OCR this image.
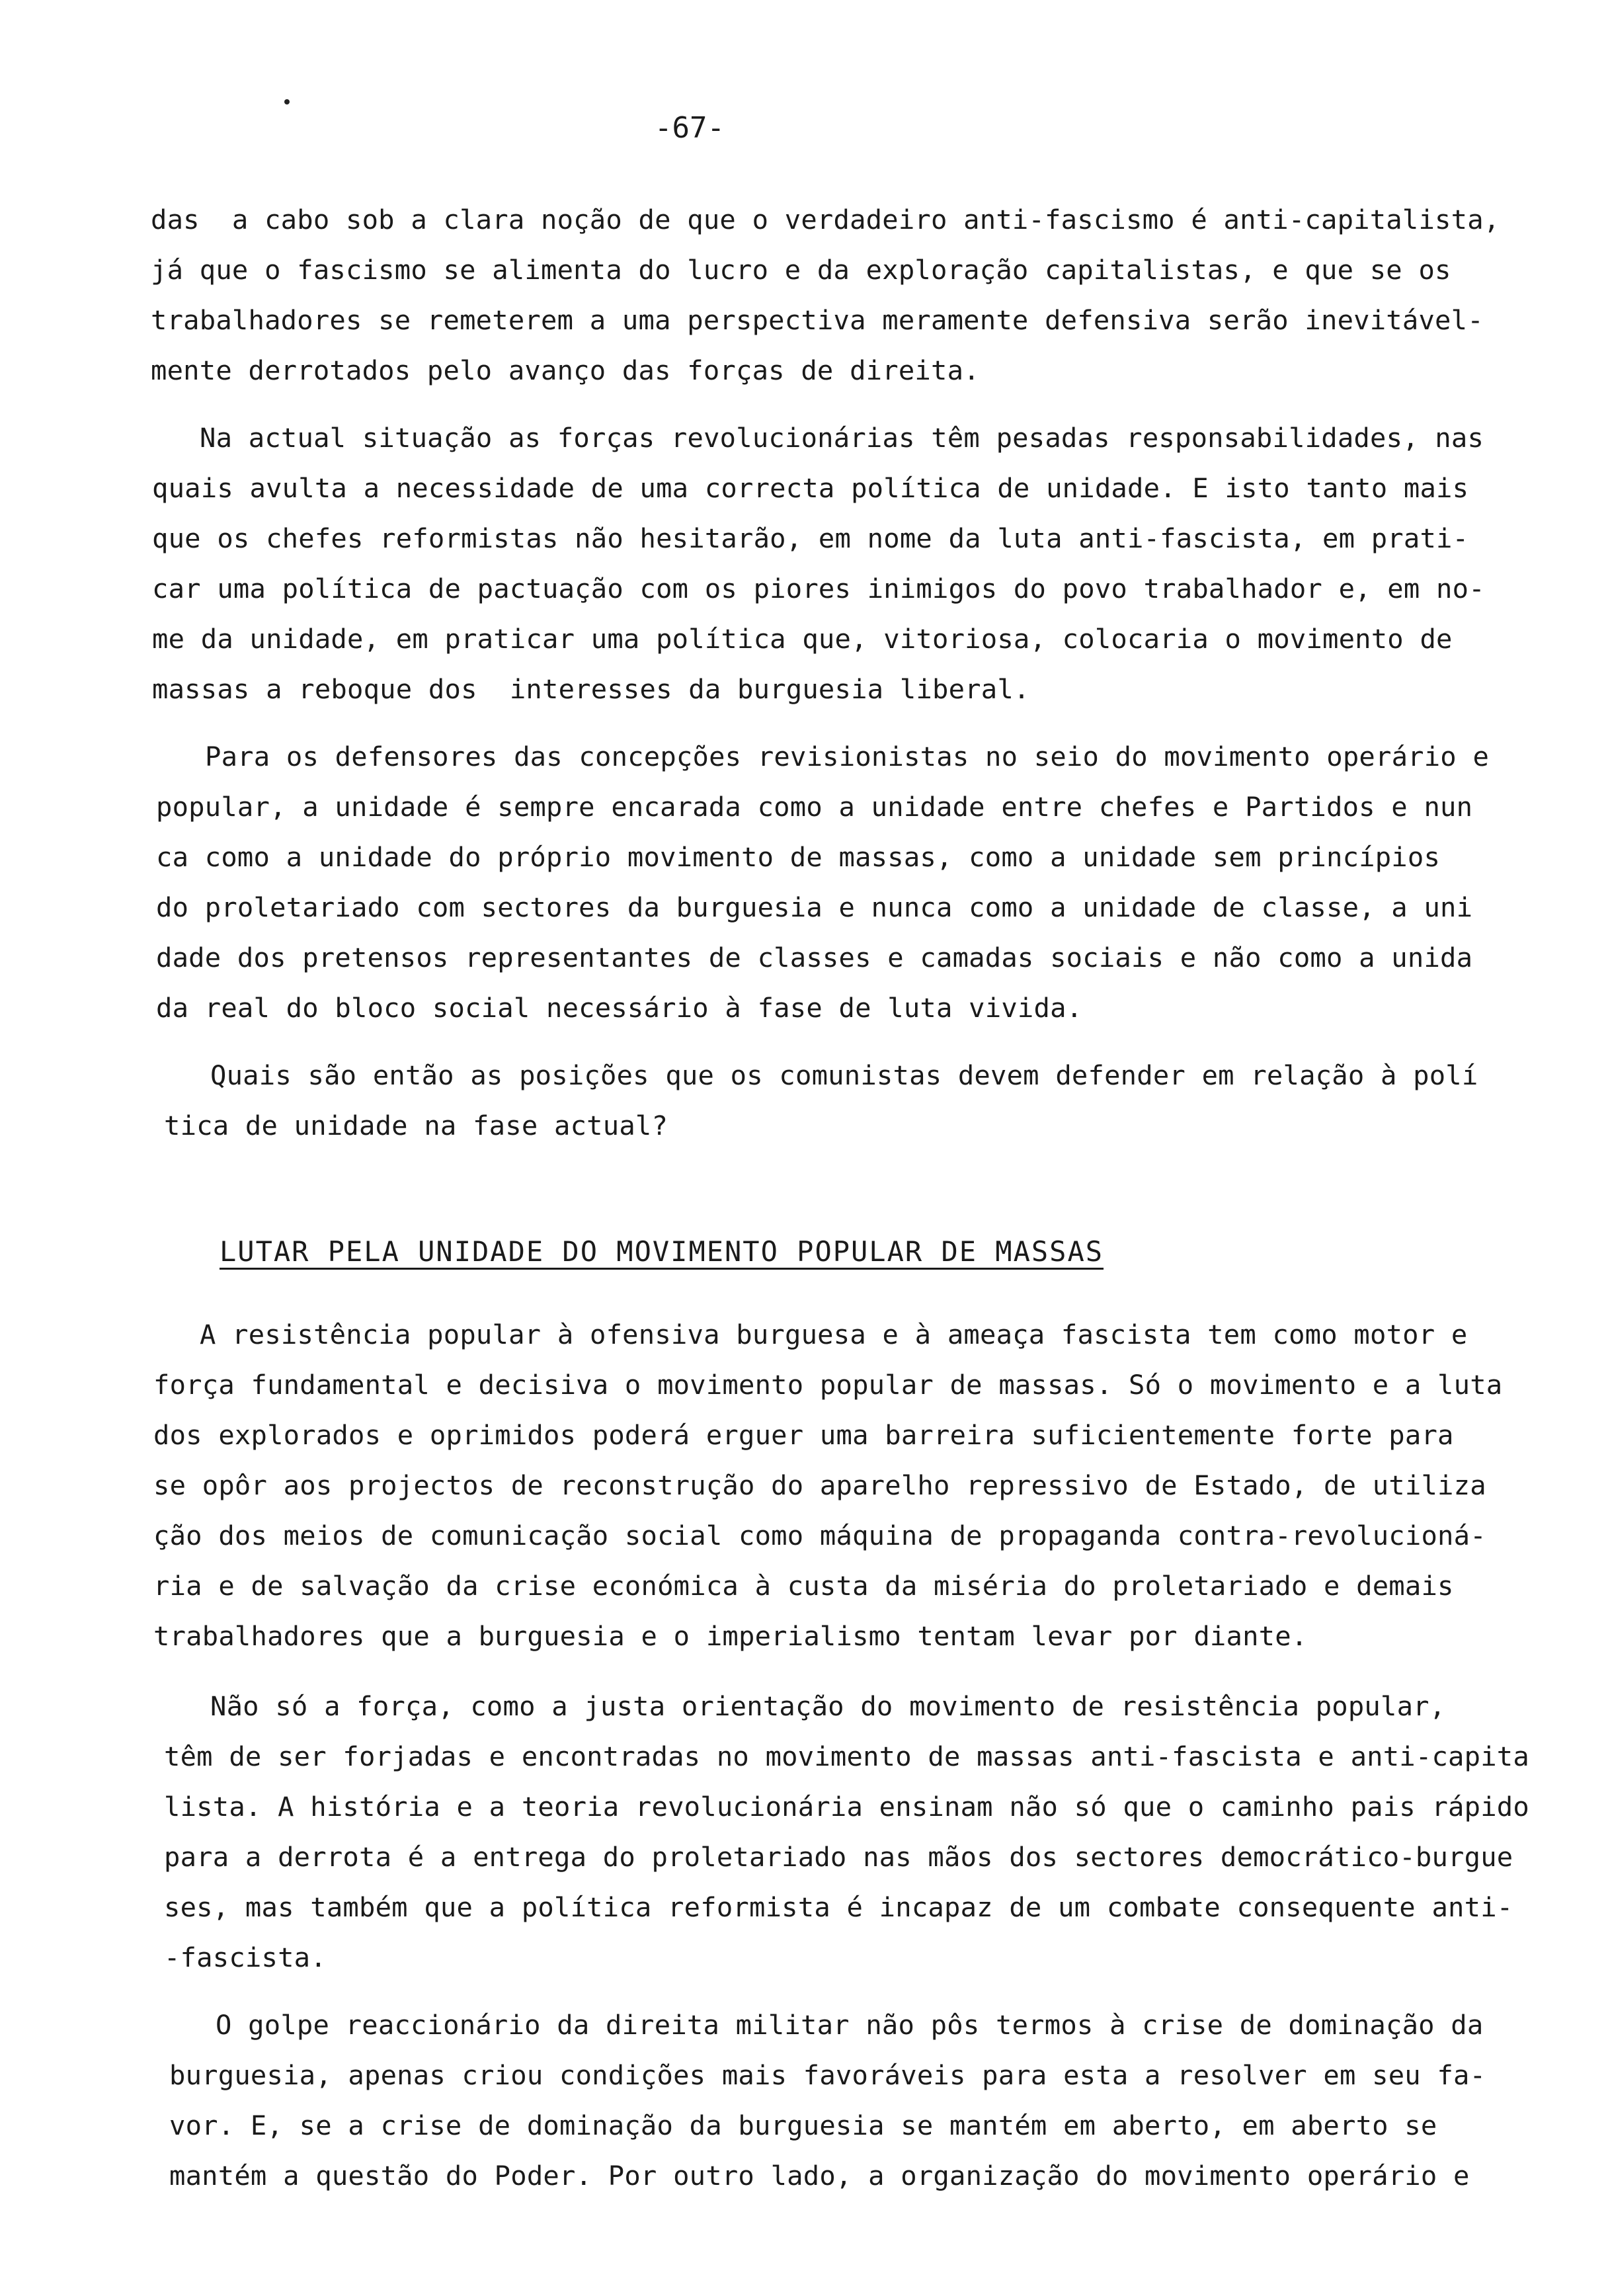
-67-
das  a cabo sob a clara noção de que o verdadeiro anti-fascismo é anti-capitalista,
já que o fascismo se alimenta do lucro e da exploração capitalistas, e que se os
trabalhadores se remeterem a uma perspectiva meramente defensiva serão inevitável-
mente derrotados pelo avanço das forças de direita.
Na actual situação as forças revolucionárias têm pesadas responsabilidades, nas
quais avulta a necessidade de uma correcta política de unidade. E isto tanto mais
que os chefes reformistas não hesitarão, em nome da luta anti-fascista, em prati-
car uma política de pactuação com os piores inimigos do povo trabalhador e, em no-
me da unidade, em praticar uma política que, vitoriosa, colocaria o movimento de
massas a reboque dos  interesses da burguesia liberal.
Para os defensores das concepções revisionistas no seio do movimento operário e
popular, a unidade é sempre encarada como a unidade entre chefes e Partidos e nun
ca como a unidade do próprio movimento de massas, como a unidade sem princípios
do proletariado com sectores da burguesia e nunca como a unidade de classe, a uni
dade dos pretensos representantes de classes e camadas sociais e não como a unida
da real do bloco social necessário à fase de luta vivida.
Quais são então as posições que os comunistas devem defender em relação à polí
tica de unidade na fase actual?
LUTAR PELA UNIDADE DO MOVIMENTO POPULAR DE MASSAS
A resistência popular à ofensiva burguesa e à ameaça fascista tem como motor e
força fundamental e decisiva o movimento popular de massas. Só o movimento e a luta
dos explorados e oprimidos poderá erguer uma barreira suficientemente forte para
se opôr aos projectos de reconstrução do aparelho repressivo de Estado, de utiliza
ção dos meios de comunicação social como máquina de propaganda contra-revolucioná-
ria e de salvação da crise económica à custa da miséria do proletariado e demais
trabalhadores que a burguesia e o imperialismo tentam levar por diante.
Não só a força, como a justa orientação do movimento de resistência popular,
têm de ser forjadas e encontradas no movimento de massas anti-fascista e anti-capita
lista. A história e a teoria revolucionária ensinam não só que o caminho pais rápido
para a derrota é a entrega do proletariado nas mãos dos sectores democrático-burgue
ses, mas também que a política reformista é incapaz de um combate consequente anti-
-fascista.
O golpe reaccionário da direita militar não pôs termos à crise de dominação da
burguesia, apenas criou condições mais favoráveis para esta a resolver em seu fa-
vor. E, se a crise de dominação da burguesia se mantém em aberto, em aberto se
mantém a questão do Poder. Por outro lado, a organização do movimento operário e
